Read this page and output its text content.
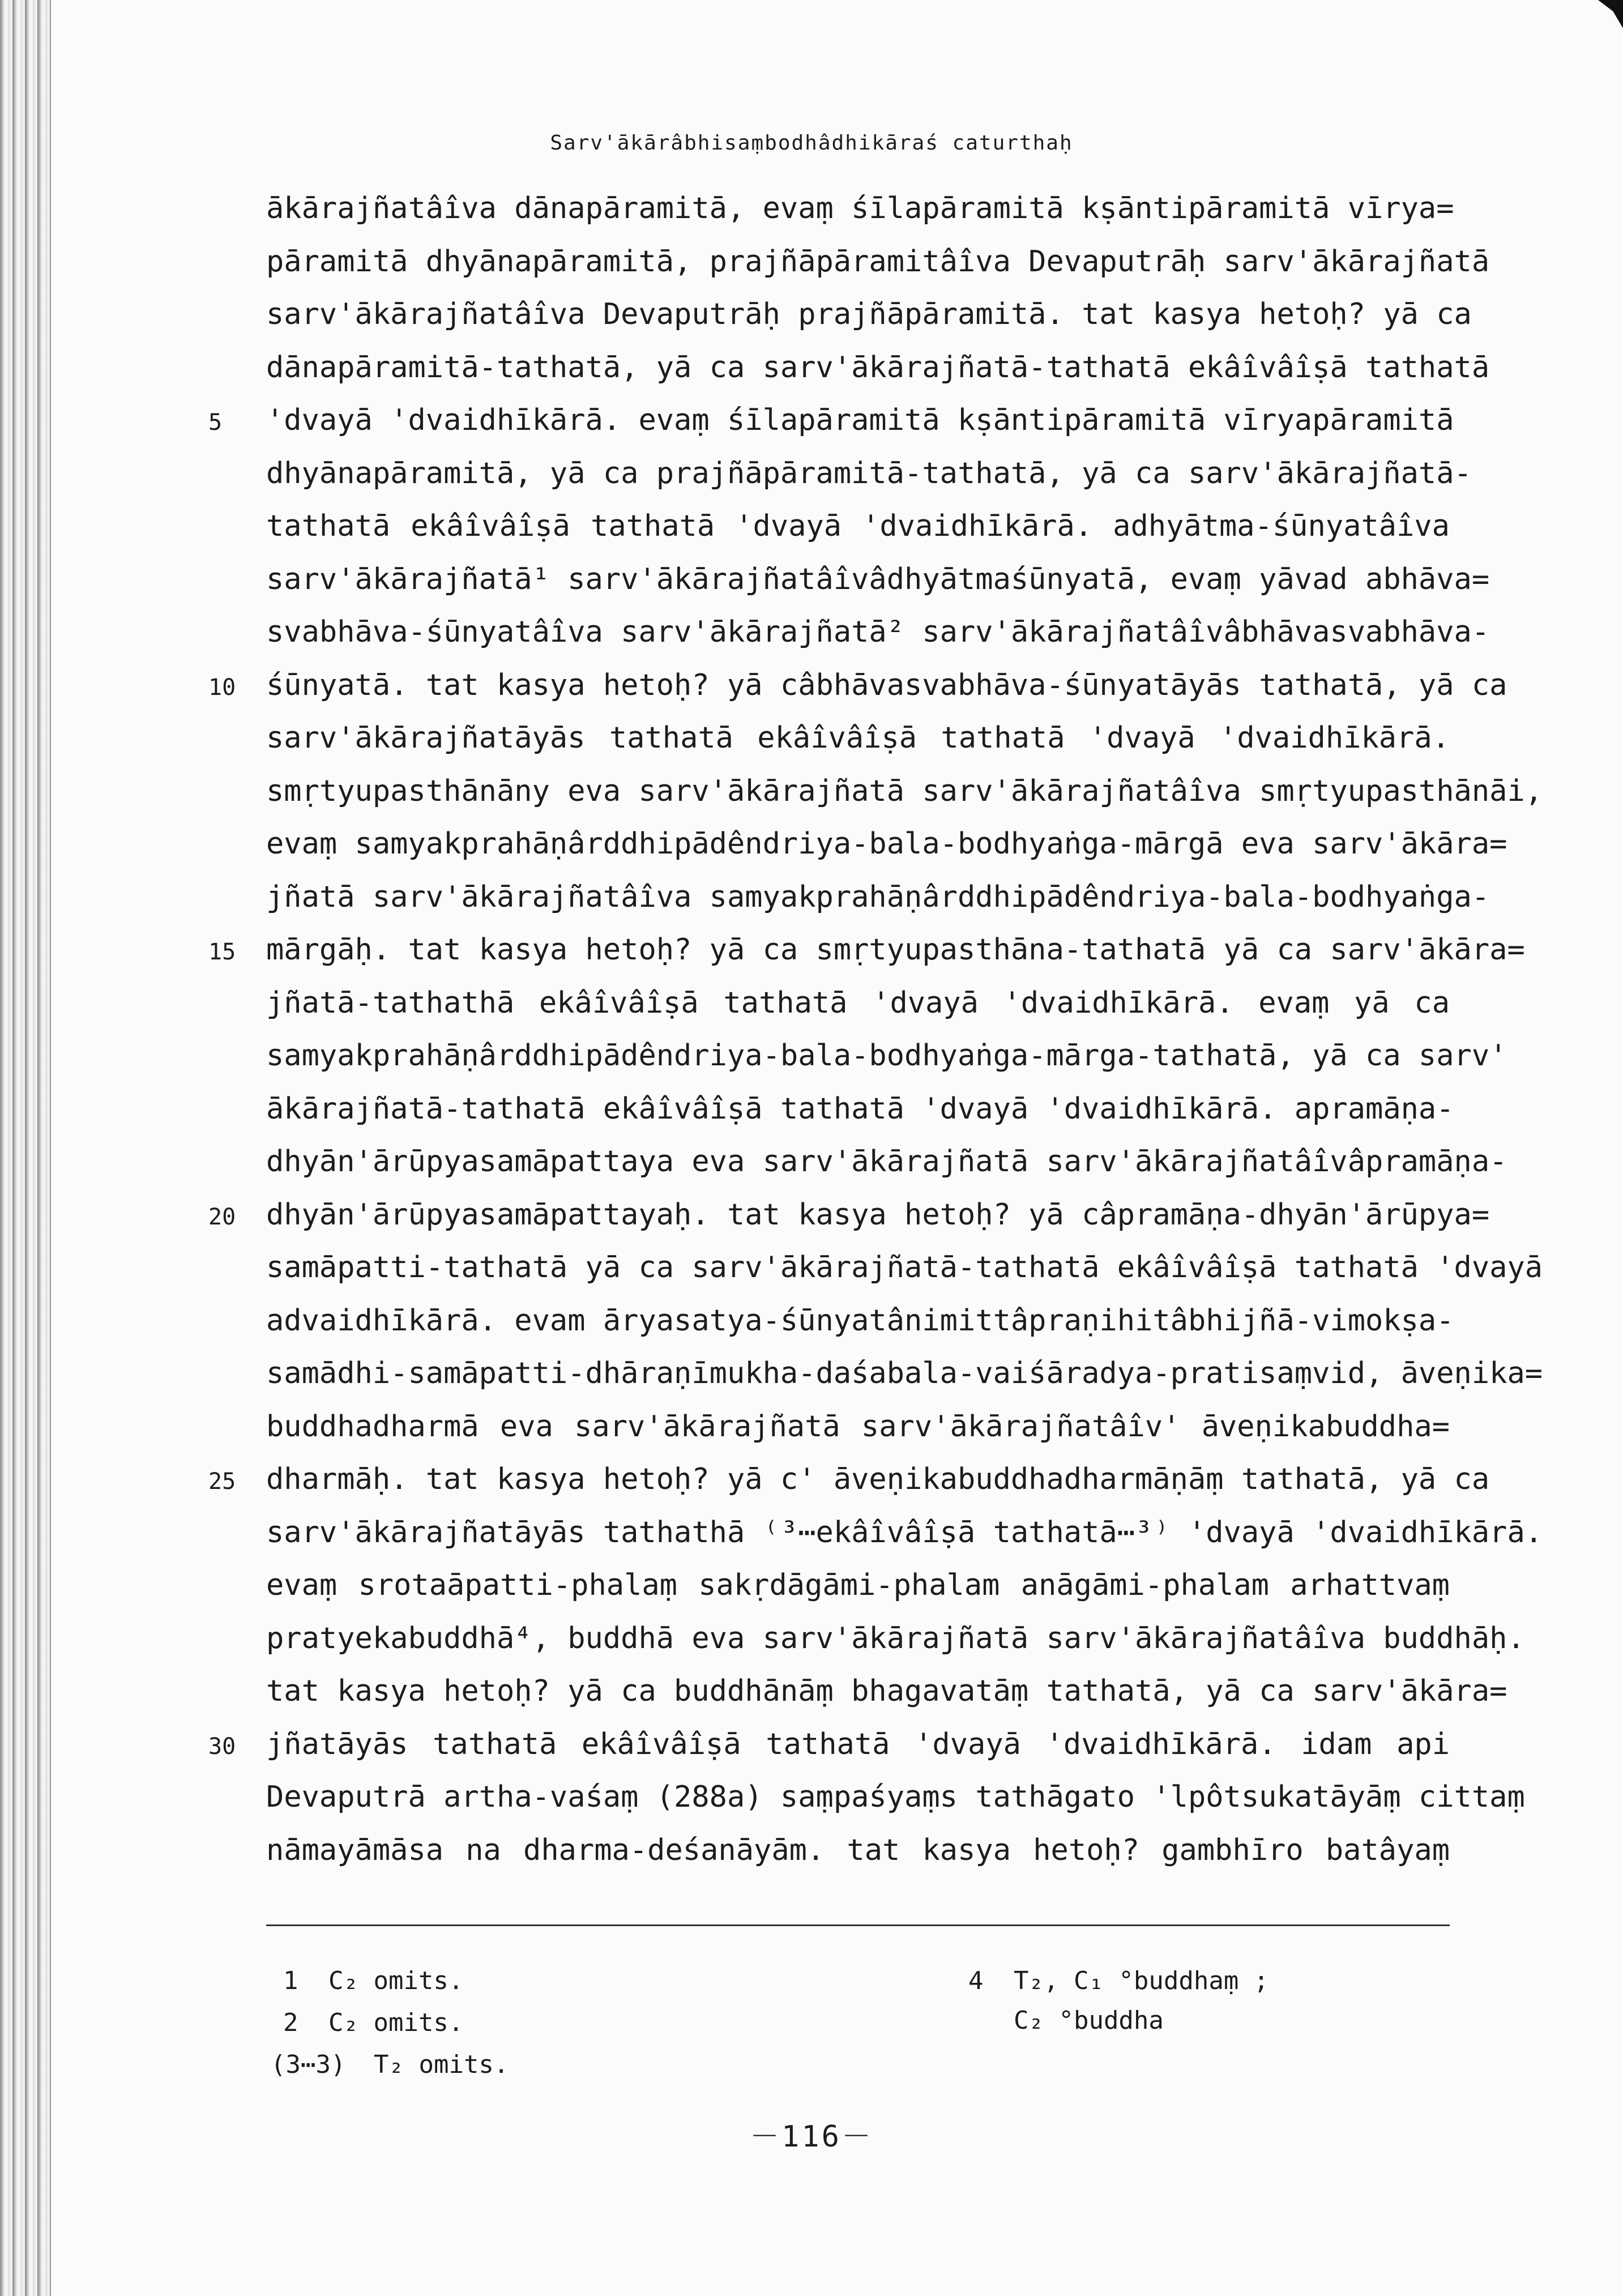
Sarv'ākārâbhisaṃbodhâdhikāraś caturthaḥ
ākārajñatâîva dānapāramitā, evaṃ śīlapāramitā kṣāntipāramitā vīrya=
pāramitā dhyānapāramitā, prajñāpāramitâîva Devaputrāḥ sarv'ākārajñatā
sarv'ākārajñatâîva Devaputrāḥ prajñāpāramitā. tat kasya hetoḥ? yā ca
dānapāramitā-tathatā, yā ca sarv'ākārajñatā-tathatā ekâîvâîṣā tathatā
5	'dvayā 'dvaidhīkārā. evaṃ śīlapāramitā kṣāntipāramitā vīryapāramitā
dhyānapāramitā, yā ca prajñāpāramitā-tathatā, yā ca sarv'ākārajñatā-
tathatā ekâîvâîṣā tathatā 'dvayā 'dvaidhīkārā. adhyātma-śūnyatâîva
sarv'ākārajñatā¹ sarv'ākārajñatâîvâdhyātmaśūnyatā, evaṃ yāvad abhāva=
svabhāva-śūnyatâîva sarv'ākārajñatā² sarv'ākārajñatâîvâbhāvasvabhāva-
10	śūnyatā. tat kasya hetoḥ? yā câbhāvasvabhāva-śūnyatāyās tathatā, yā ca
sarv'ākārajñatāyās tathatā ekâîvâîṣā tathatā 'dvayā 'dvaidhīkārā.
smṛtyupasthānāny eva sarv'ākārajñatā sarv'ākārajñatâîva smṛtyupasthānāi,
evaṃ samyakprahāṇârddhipādêndriya-bala-bodhyaṅga-mārgā eva sarv'ākāra=
jñatā sarv'ākārajñatâîva samyakprahāṇârddhipādêndriya-bala-bodhyaṅga-
15	mārgāḥ. tat kasya hetoḥ? yā ca smṛtyupasthāna-tathatā yā ca sarv'ākāra=
jñatā-tathathā ekâîvâîṣā tathatā 'dvayā 'dvaidhīkārā. evaṃ yā ca
samyakprahāṇârddhipādêndriya-bala-bodhyaṅga-mārga-tathatā, yā ca sarv'
ākārajñatā-tathatā ekâîvâîṣā tathatā 'dvayā 'dvaidhīkārā. apramāṇa-
dhyān'ārūpyasamāpattaya eva sarv'ākārajñatā sarv'ākārajñatâîvâpramāṇa-
20	dhyān'ārūpyasamāpattayaḥ. tat kasya hetoḥ? yā câpramāṇa-dhyān'ārūpya=
samāpatti-tathatā yā ca sarv'ākārajñatā-tathatā ekâîvâîṣā tathatā 'dvayā
advaidhīkārā. evam āryasatya-śūnyatânimittâpraṇihitâbhijñā-vimokṣa-
samādhi-samāpatti-dhāraṇīmukha-daśabala-vaiśāradya-pratisaṃvid, āveṇika=
buddhadharmā eva sarv'ākārajñatā sarv'ākārajñatâîv' āveṇikabuddha=
25	dharmāḥ. tat kasya hetoḥ? yā c' āveṇikabuddhadharmāṇāṃ tathatā, yā ca
sarv'ākārajñatāyās tathathā ⁽³⋯ekâîvâîṣā tathatā⋯³⁾ 'dvayā 'dvaidhīkārā.
evaṃ srotaāpatti-phalaṃ sakṛdāgāmi-phalam anāgāmi-phalam arhattvaṃ
pratyekabuddhā⁴, buddhā eva sarv'ākārajñatā sarv'ākārajñatâîva buddhāḥ.
tat kasya hetoḥ? yā ca buddhānāṃ bhagavatāṃ tathatā, yā ca sarv'ākāra=
30	jñatāyās tathatā ekâîvâîṣā tathatā 'dvayā 'dvaidhīkārā. idam api
Devaputrā artha-vaśaṃ (288a) saṃpaśyaṃs tathāgato 'lpôtsukatāyāṃ cittaṃ
nāmayāmāsa na dharma-deśanāyām. tat kasya hetoḥ? gambhīro batâyaṃ
1 C₂ omits.
2 C₂ omits.
(3⋯3) T₂ omits.
4 T₂, C₁ °buddhaṃ ;
C₂ °buddha
－116－
